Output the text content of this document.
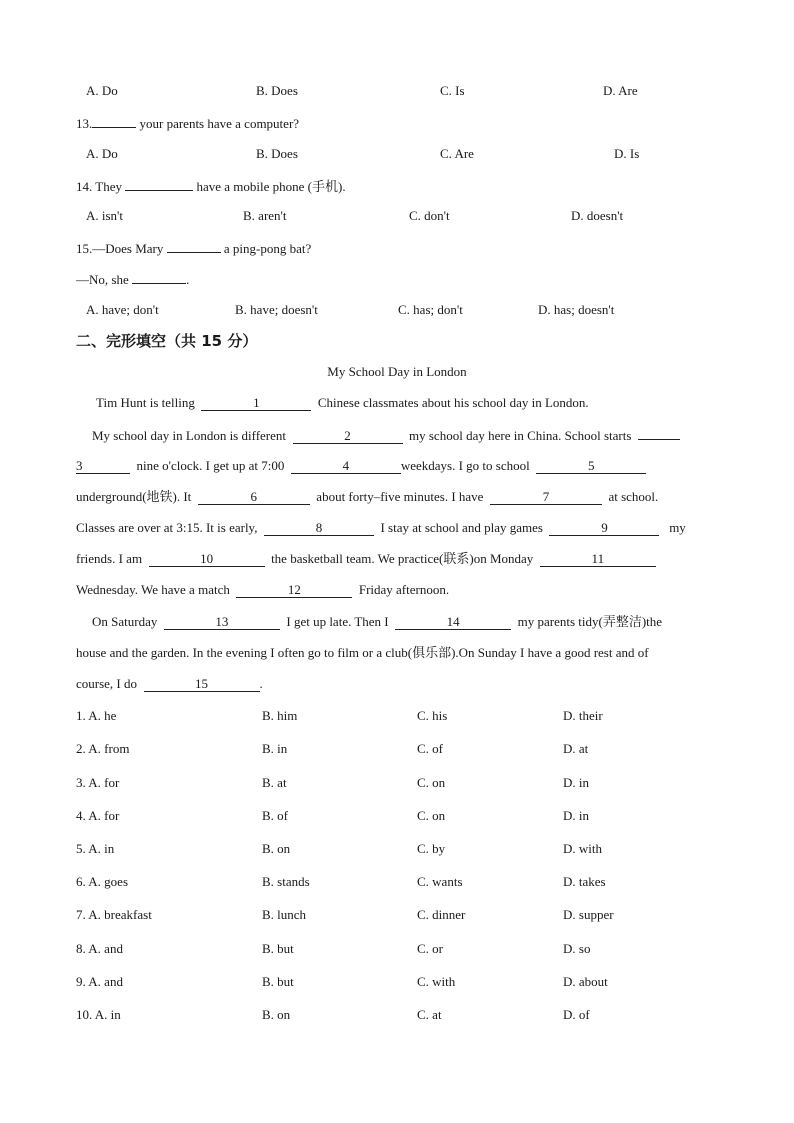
A. Do	B. Does	C. Is	D. Are
13.	your parents have a computer?
A. Do	B. Does	C. Are	D. Is
14. They	have a mobile phone (手机).
A. isn't	B. aren't	C. don't	D. doesn't
15.—Does Mary	a ping-pong bat?
—No, she	.
A. have; don't	B. have; doesn't	C. has; don't	D. has; doesn't
二、完形填空（共 15 分）
My School Day in London
Tim Hunt is telling	1	Chinese classmates about his school day in London.
My school day in London is different	2	my school day here in China. School starts
3	nine o'clock. I get up at 7:00	4	weekdays. I go to school	5
underground(地铁). It	6	about forty–five minutes. I have	7	at school.
Classes are over at 3:15. It is early,	8	I stay at school and play games	9	my
friends. I am	10	the basketball team. We practice(联系)on Monday	11
Wednesday. We have a match	12	Friday afternoon.
On Saturday	13	I get up late. Then I	14	my parents tidy(弄整洁)the
house and the garden. In the evening I often go to film or a club(俱乐部).On Sunday I have a good rest and of
course, I do	15	.
1. A. he	B. him	C. his	D. their
2. A. from	B. in	C. of	D. at
3. A. for	B. at	C. on	D. in
4. A. for	B. of	C. on	D. in
5. A. in	B. on	C. by	D. with
6. A. goes	B. stands	C. wants	D. takes
7. A. breakfast	B. lunch	C. dinner	D. supper
8. A. and	B. but	C. or	D. so
9. A. and	B. but	C. with	D. about
10. A. in	B. on	C. at	D. of
